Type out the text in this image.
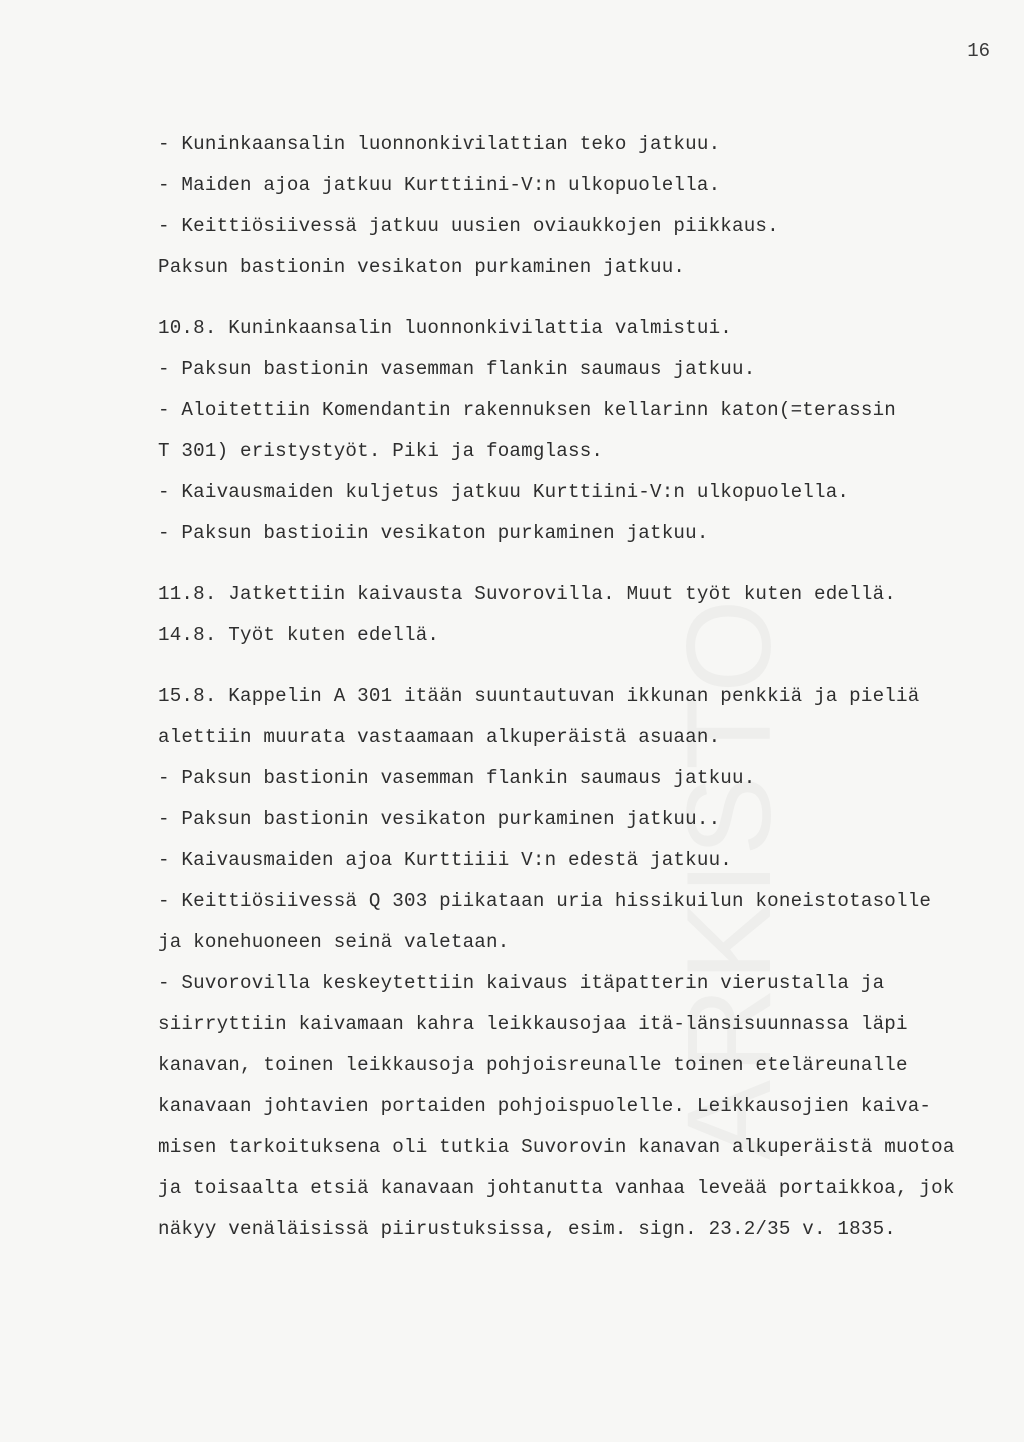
16
- Kuninkaansalin luonnonkiѵilattian teko jatkuu.
- Maiden ajoa jatkuu Kurttiini-V:n ulkopuolella.
- Keittiösiivessä jatkuu uusien oviaukkojen piikkaus.
Paksun bastionin vesikaton purkaminen jatkuu.
10.8. Kuninkaansalin luonnonkivilattia valmistui.
- Paksun bastionin vasemman flankin saumaus jatkuu.
- Aloitettiin Komendantin rakennuksen kellarinn katon(=terassin
T 301) eristystyöt. Piki ja foamglass.
- Kaivausmaiden kuljetus jatkuu Kurttiini-V:n ulkopuolella.
- Paksun bastioiin vesikaton purkaminen jatkuu.
11.8. Jatkettiin kaivausta Suvorovilla. Muut työt kuten edellä.
14.8. Työt kuten edellä.
15.8. Kappelin A 301 itään suuntautuvan ikkunan penkkiä ja pieliä
alettiin muurata vastaamaan alkuperäistä asuaan.
- Paksun bastionin vasemman flankin saumaus jatkuu.
- Paksun bastionin vesikaton purkaminen jatkuu..
- Kaivausmaiden ajoa Kurttiiii V:n edestä jatkuu.
- Keittiösiivessä Q 303 piikataan uria hissikuilun koneistotasolle
ja konehuoneen seinä valetaan.
- Suvorovilla keskeytettiin kaivaus itäpatterin vierustalla ja
siirryttiin kaivamaan kahra leikkausojaa itä-länsisuunnassa läpi
kanavan, toinen leikkausoja pohjoisreunalle toinen eteläreunalle
kanavaan johtavien portaiden pohjoispuolelle. Leikkausojien kaiva-
misen tarkoituksena oli tutkia Suvorovin kanavan alkuperäistä muotoa
ja toisaalta etsiä kanavaan johtanutta vanhaa leveää portaikkoa, jok
näkyy venäläisissä piirustuksissa, esim. sign. 23.2/35 v. 1835.
